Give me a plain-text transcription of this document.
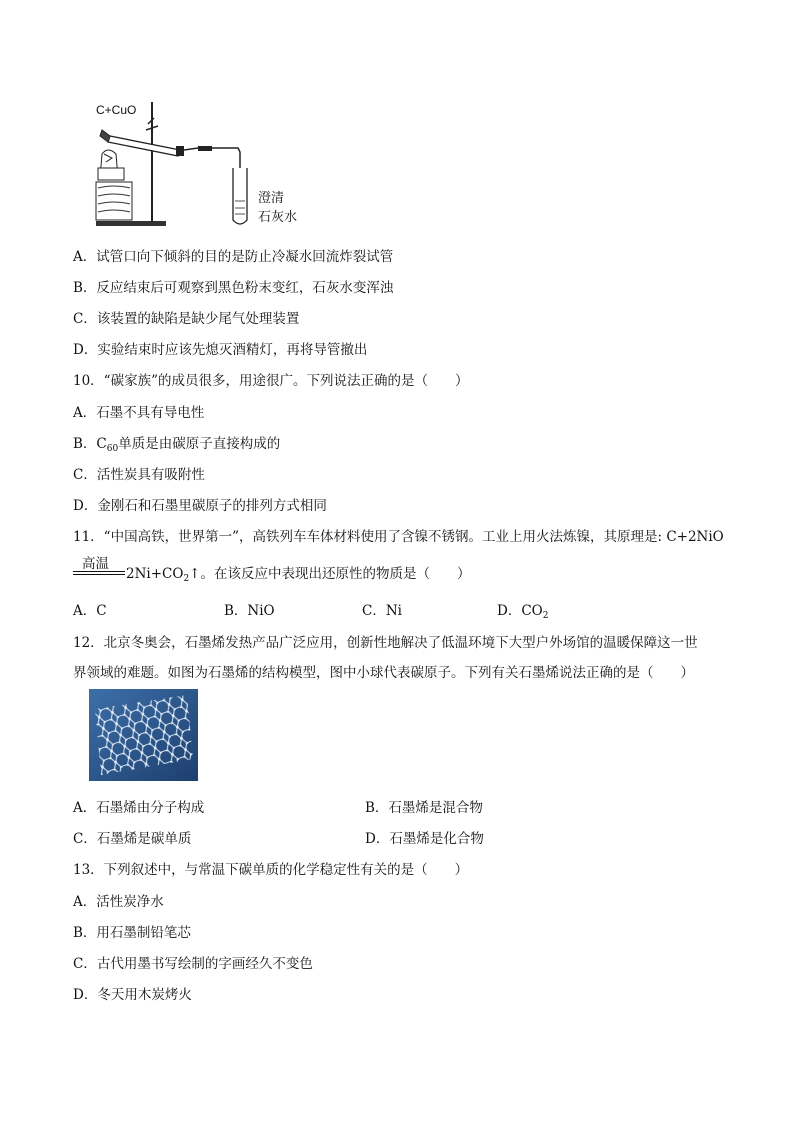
C+CuO
澄清
石灰水
A．试管口向下倾斜的目的是防止冷凝水回流炸裂试管
B．反应结束后可观察到黑色粉末变红，石灰水变浑浊
C．该装置的缺陷是缺少尾气处理装置
D．实验结束时应该先熄灭酒精灯，再将导管撤出
10．“碳家族”的成员很多，用途很广。下列说法正确的是（　　）
A．石墨不具有导电性
B．$C_{60}$单质是由碳原子直接构成的
C．活性炭具有吸附性
D．金刚石和石墨里碳原子的排列方式相同
11．“中国高铁，世界第一”，高铁列车车体材料使用了含镍不锈钢。工业上用火法炼镍，其原理是: C+2NiO
高温
$2Ni+CO_2↑$。在该反应中表现出还原性的物质是（　　）
A．C	B．NiO	C．Ni	D．$CO_2$
12．北京冬奥会，石墨烯发热产品广泛应用，创新性地解决了低温环境下大型户外场馆的温暖保障这一世
界领域的难题。如图为石墨烯的结构模型，图中小球代表碳原子。下列有关石墨烯说法正确的是（　　）
A．石墨烯由分子构成	B．石墨烯是混合物
C．石墨烯是碳单质	D．石墨烯是化合物
13．下列叙述中，与常温下碳单质的化学稳定性有关的是（　　）
A．活性炭净水
B．用石墨制铅笔芯
C．古代用墨书写绘制的字画经久不变色
D．冬天用木炭烤火
